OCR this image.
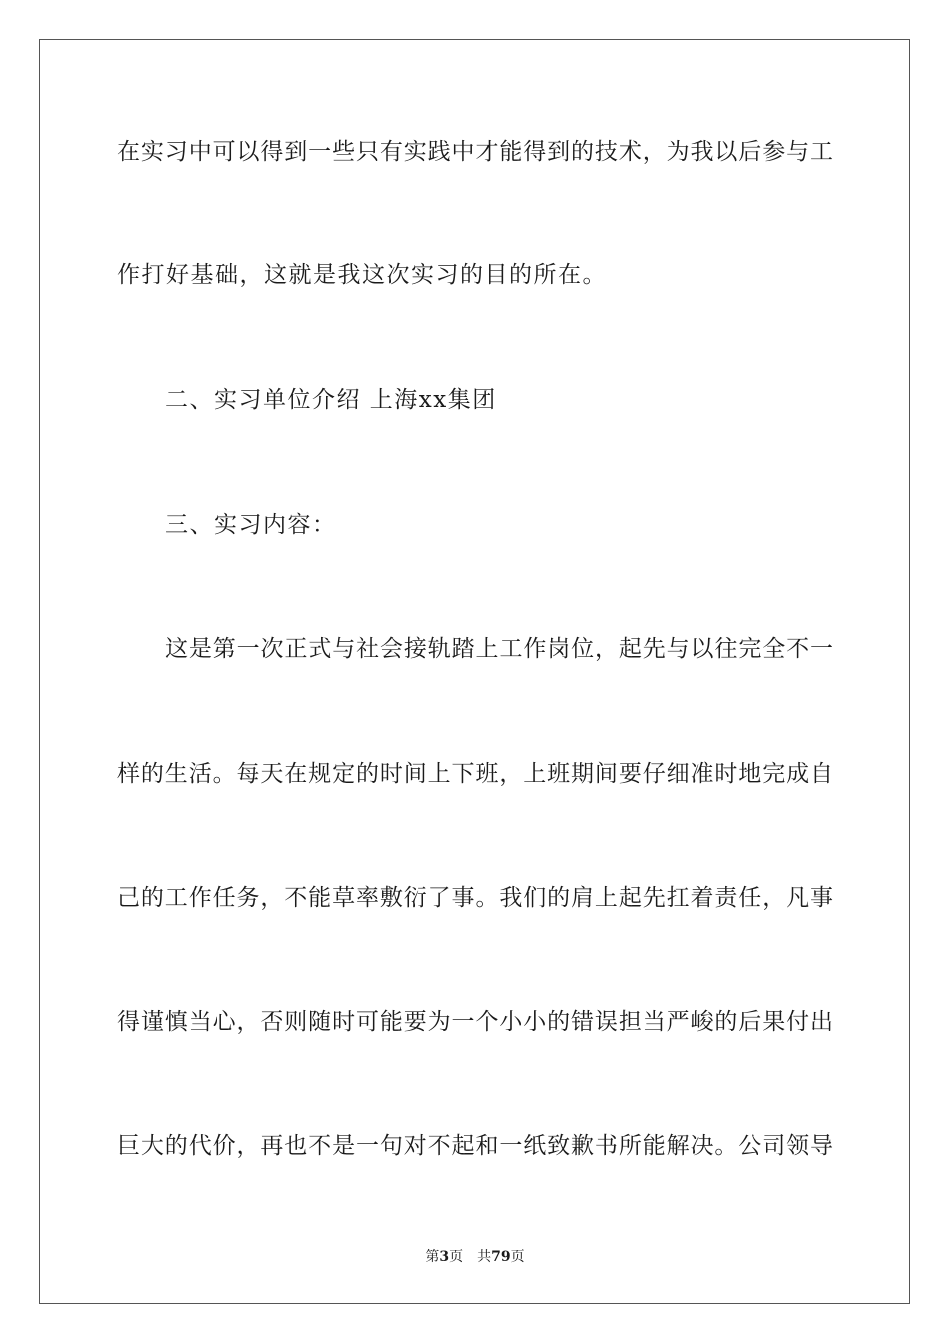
在实习中可以得到一些只有实践中才能得到的技术，为我以后参与工
作打好基础，这就是我这次实习的目的所在。
二、实习单位介绍 上海xx集团
三、实习内容：
这是第一次正式与社会接轨踏上工作岗位，起先与以往完全不一
样的生活。每天在规定的时间上下班，上班期间要仔细准时地完成自
己的工作任务，不能草率敷衍了事。我们的肩上起先扛着责任，凡事
得谨慎当心，否则随时可能要为一个小小的错误担当严峻的后果付出
巨大的代价，再也不是一句对不起和一纸致歉书所能解决。公司领导
第3页 共79页
